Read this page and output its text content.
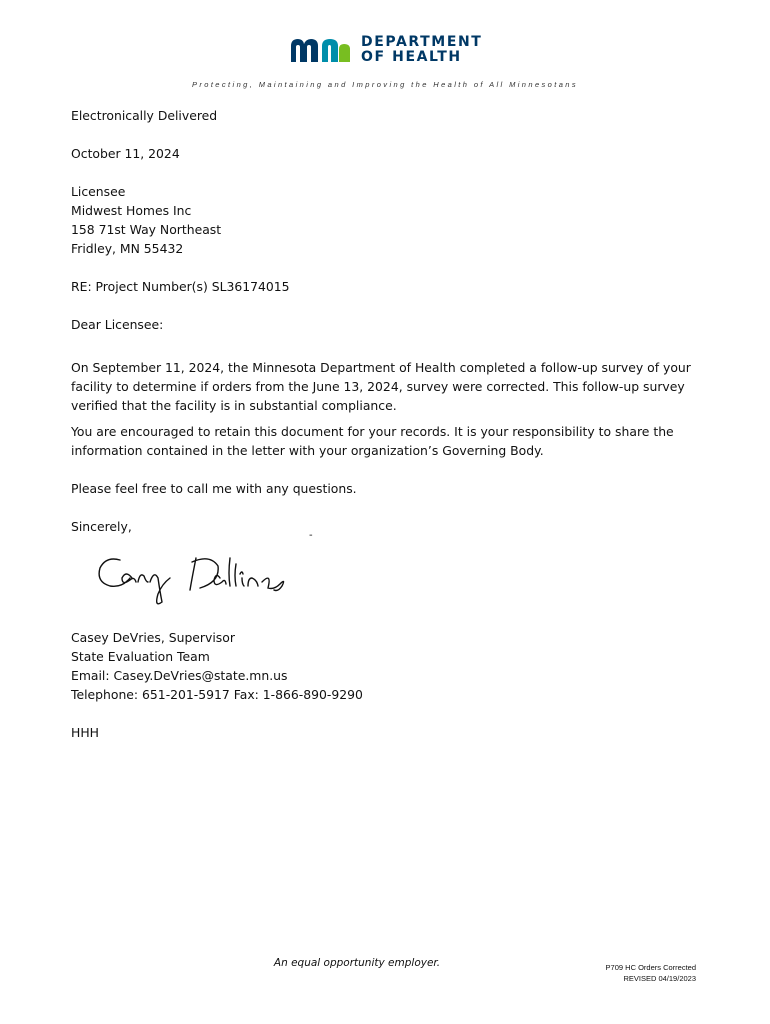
DEPARTMENT
OF HEALTH
Protecting, Maintaining and Improving the Health of All Minnesotans
Electronically Delivered
October 11, 2024
Licensee
Midwest Homes Inc
158 71st Way Northeast
Fridley, MN 55432
RE: Project Number(s) SL36174015
Dear Licensee:
On September 11, 2024, the Minnesota Department of Health completed a follow-up survey of your facility to determine if orders from the June 13, 2024, survey were corrected. This follow-up survey verified that the facility is in substantial compliance.
You are encouraged to retain this document for your records. It is your responsibility to share the information contained in the letter with your organization’s Governing Body.
Please feel free to call me with any questions.
Sincerely,
Casey DeVries, Supervisor
State Evaluation Team
Email: Casey.DeVries@state.mn.us
Telephone: 651-201-5917 Fax: 1-866-890-9290
HHH
-
An equal opportunity employer.	P709 HC Orders Corrected
REVISED 04/19/2023
